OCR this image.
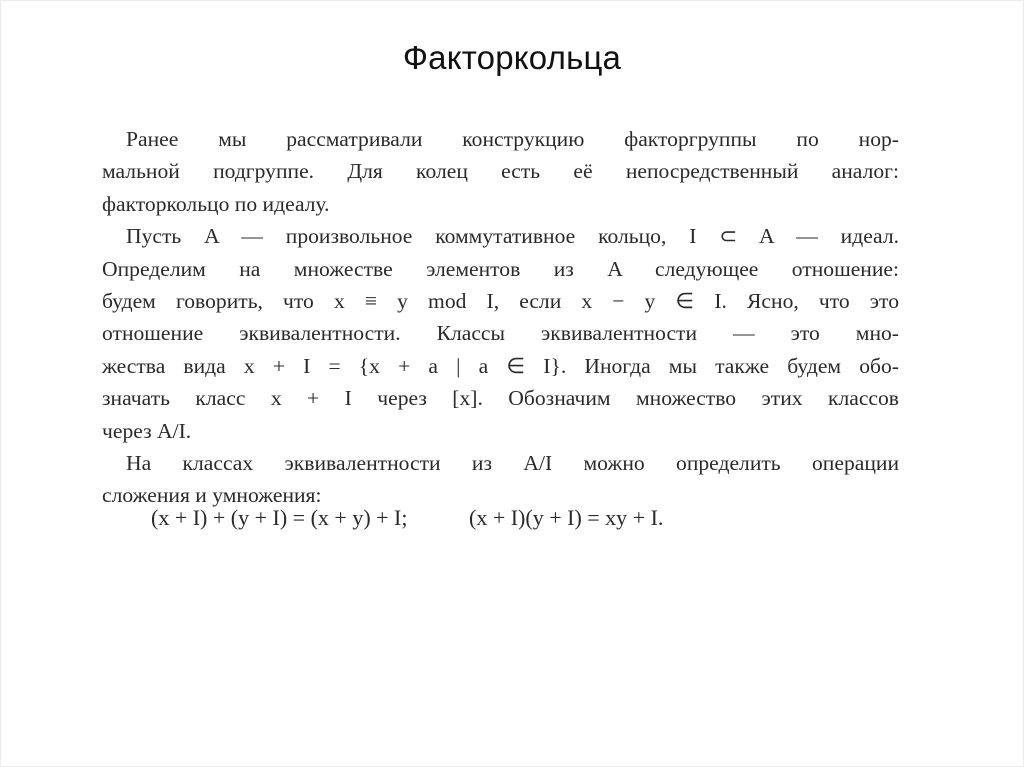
Факторкольца
Ранее мы рассматривали конструкцию факторгруппы по нор-
мальной подгруппе. Для колец есть её непосредственный аналог:
факторкольцо по идеалу.
Пусть A — произвольное коммутативное кольцо, I ⊂ A — идеал.
Определим на множестве элементов из A следующее отношение:
будем говорить, что x ≡ y mod I, если x − y ∈ I. Ясно, что это
отношение эквивалентности. Классы эквивалентности — это мно-
жества вида x + I = {x + a | a ∈ I}. Иногда мы также будем обо-
значать класс x + I через [x]. Обозначим множество этих классов
через A/I.
На классах эквивалентности из A/I можно определить операции
сложения и умножения:
(x + I) + (y + I) = (x + y) + I;	(x + I)(y + I) = xy + I.
